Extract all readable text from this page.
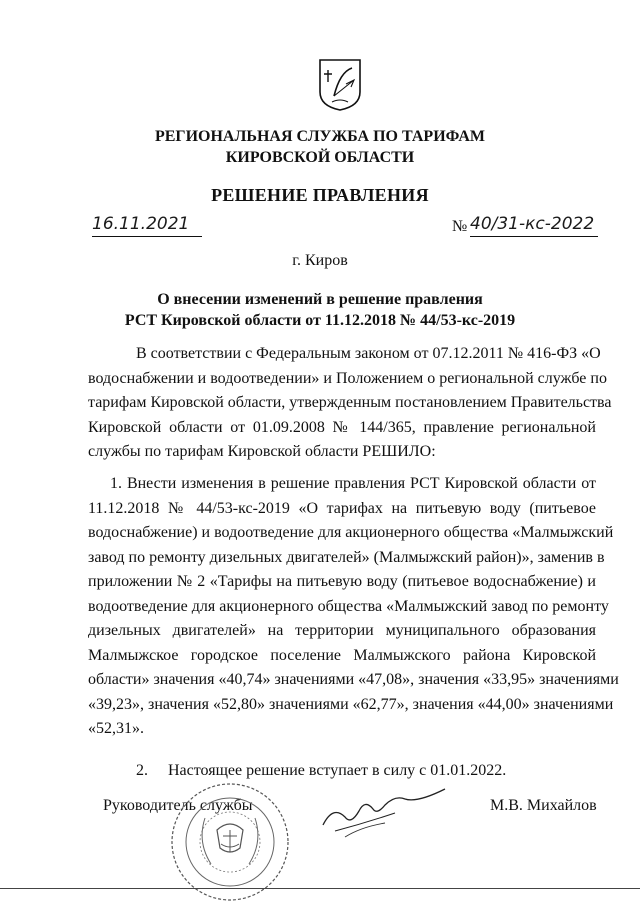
РЕГИОНАЛЬНАЯ СЛУЖБА ПО ТАРИФАМ
КИРОВСКОЙ ОБЛАСТИ
РЕШЕНИЕ ПРАВЛЕНИЯ
16.11.2021	№ 40/31-кс-2022
г. Киров
О внесении изменений в решение правления
РСТ Кировской области от 11.12.2018 № 44/53-кс-2019
В соответствии с Федеральным законом от 07.12.2011 № 416-ФЗ «О
водоснабжении и водоотведении» и Положением о региональной службе по
тарифам Кировской области, утвержденным постановлением Правительства
Кировской области от 01.09.2008 № 144/365, правление региональной
службы по тарифам Кировской области РЕШИЛО:
1. Внести изменения в решение правления РСТ Кировской области от
11.12.2018 № 44/53-кс-2019 «О тарифах на питьевую воду (питьевое
водоснабжение) и водоотведение для акционерного общества «Малмыжский
завод по ремонту дизельных двигателей» (Малмыжский район)», заменив в
приложении № 2 «Тарифы на питьевую воду (питьевое водоснабжение) и
водоотведение для акционерного общества «Малмыжский завод по ремонту
дизельных двигателей» на территории муниципального образования
Малмыжское городское поселение Малмыжского района Кировской
области» значения «40,74» значениями «47,08», значения «33,95» значениями
«39,23», значения «52,80» значениями «62,77», значения «44,00» значениями
«52,31».
2.     Настоящее решение вступает в силу с 01.01.2022.
Руководитель службы	М.В. Михайлов
